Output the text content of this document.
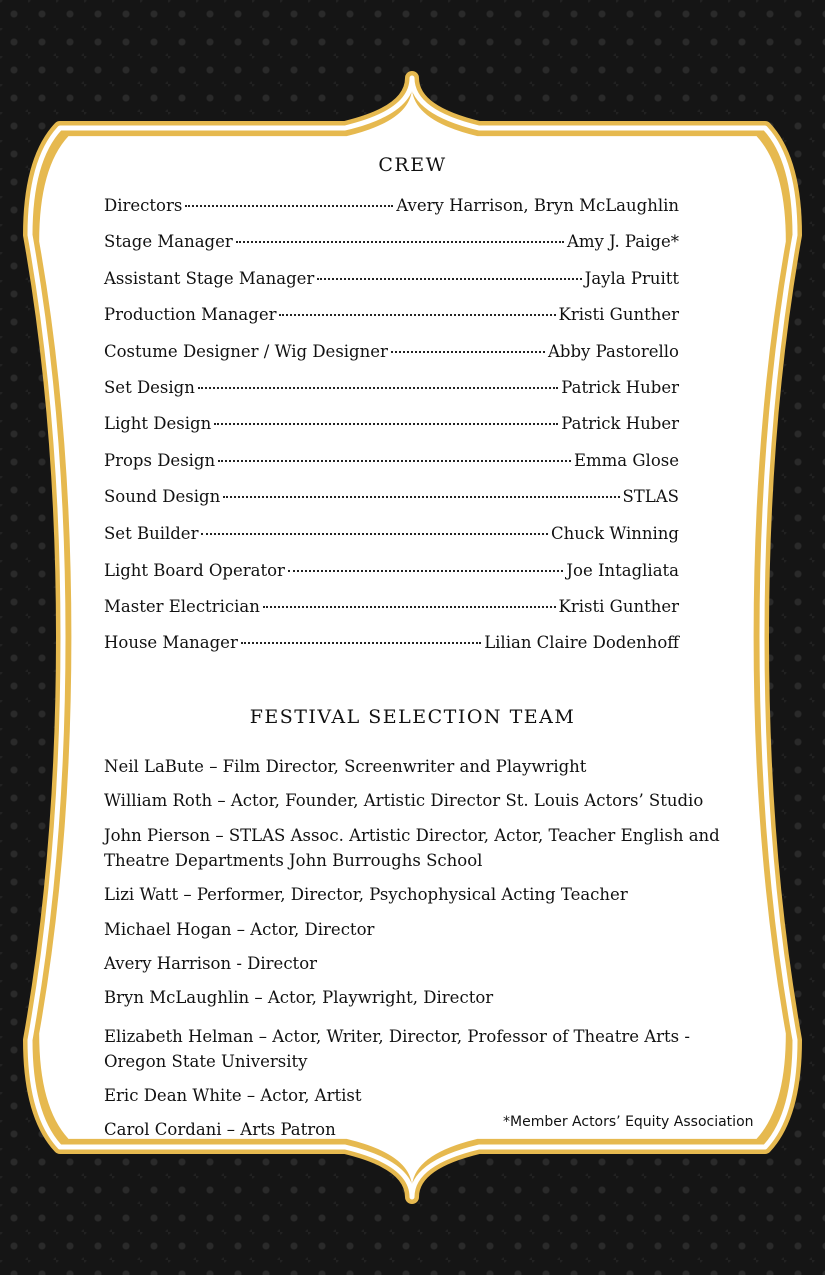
CREW
Directors	Avery Harrison, Bryn McLaughlin
Stage Manager	Amy J. Paige*
Assistant Stage Manager	Jayla Pruitt
Production Manager	Kristi Gunther
Costume Designer / Wig Designer	Abby Pastorello
Set Design	Patrick Huber
Light Design	Patrick Huber
Props Design	Emma Glose
Sound Design	STLAS
Set Builder	Chuck Winning
Light Board Operator	Joe Intagliata
Master Electrician	Kristi Gunther
House Manager	Lilian Claire Dodenhoff
FESTIVAL SELECTION TEAM
Neil LaBute – Film Director, Screenwriter and Playwright
William Roth – Actor, Founder, Artistic Director St. Louis Actors’ Studio
John Pierson – STLAS Assoc. Artistic Director, Actor, Teacher English and Theatre Departments John Burroughs School
Lizi Watt – Performer, Director, Psychophysical Acting Teacher
Michael Hogan – Actor, Director
Avery Harrison - Director
Bryn McLaughlin – Actor, Playwright, Director
Elizabeth Helman – Actor, Writer, Director, Professor of Theatre Arts -Oregon State University
Eric Dean White – Actor, Artist
Carol Cordani – Arts Patron	*Member Actors’ Equity Association
